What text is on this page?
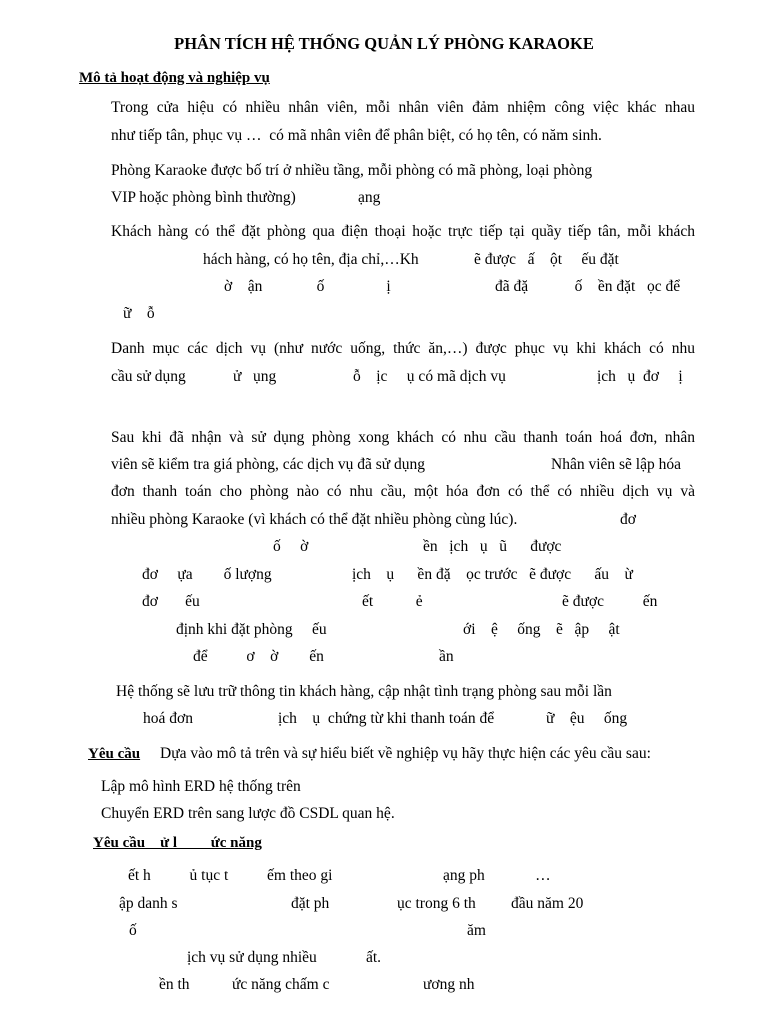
PHÂN TÍCH HỆ THỐNG QUẢN LÝ PHÒNG KARAOKE
Mô tả hoạt động và nghiệp vụ
Trong cửa hiệu có nhiều nhân viên, mỗi nhân viên đảm nhiệm công việc khác nhau
như tiếp tân, phục vụ …  có mã nhân viên để phân biệt, có họ tên, có năm sinh.
Phòng Karaoke được bố trí ở nhiều tầng, mỗi phòng có mã phòng, loại phòng
VIP hoặc phòng bình thường)	ạng
Khách hàng có thể đặt phòng qua điện thoại hoặc trực tiếp tại quầy tiếp tân, mỗi khách
hách hàng, có họ tên, địa chỉ,…Kh	ẽ được   ấ    ột     ếu đặt
ờ    ận              ố                ị	đã đặ            ố    ền đặt   ọc để
ữ    ỗ
Danh mục các dịch vụ (như nước uống, thức ăn,…) được phục vụ khi khách có nhu
cầu sử dụng	ử   ụng	ỗ    ịc     ụ có mã dịch vụ	ịch   ụ  đơ     ị
Sau khi đã nhận và sử dụng phòng xong khách có nhu cầu thanh toán hoá đơn, nhân
viên sẽ kiểm tra giá phòng, các dịch vụ đã sử dụng	Nhân viên sẽ lập hóa
đơn thanh toán cho phòng nào có nhu cầu, một hóa đơn có thể có nhiều dịch vụ và
nhiều phòng Karaoke (vì khách có thể đặt nhiều phòng cùng lúc).	đơ
ố     ờ	ền   ịch   ụ   ũ      được
đơ     ựa        ố lượng	ịch    ụ      ền đặ    ọc trước   ẽ được      ấu    ừ
đơ       ếu	ết           ẻ	ẽ được          ến
định khi đặt phòng     ếu	ới    ệ     ống    ẽ   ập     ật
để          ơ    ờ        ến	ần
Hệ thống sẽ lưu trữ thông tin khách hàng, cập nhật tình trạng phòng sau mỗi lần
hoá đơn	ịch    ụ  chứng từ khi thanh toán để	ữ    ệu     ống
Yêu cầu Dựa vào mô tả trên và sự hiểu biết về nghiệp vụ hãy thực hiện các yêu cầu sau:
Lập mô hình ERD hệ thống trên
Chuyển ERD trên sang lược đồ CSDL quan hệ.
Yêu cầu    ử l         ức năng
ết h          ủ tục t          ếm theo gi	ạng ph             …
ập danh s	đặt ph	ục trong 6 th đầu năm 20
ố	ăm
ịch vụ sử dụng nhiều	ất.
ền th	ức năng chấm c	ương nh
